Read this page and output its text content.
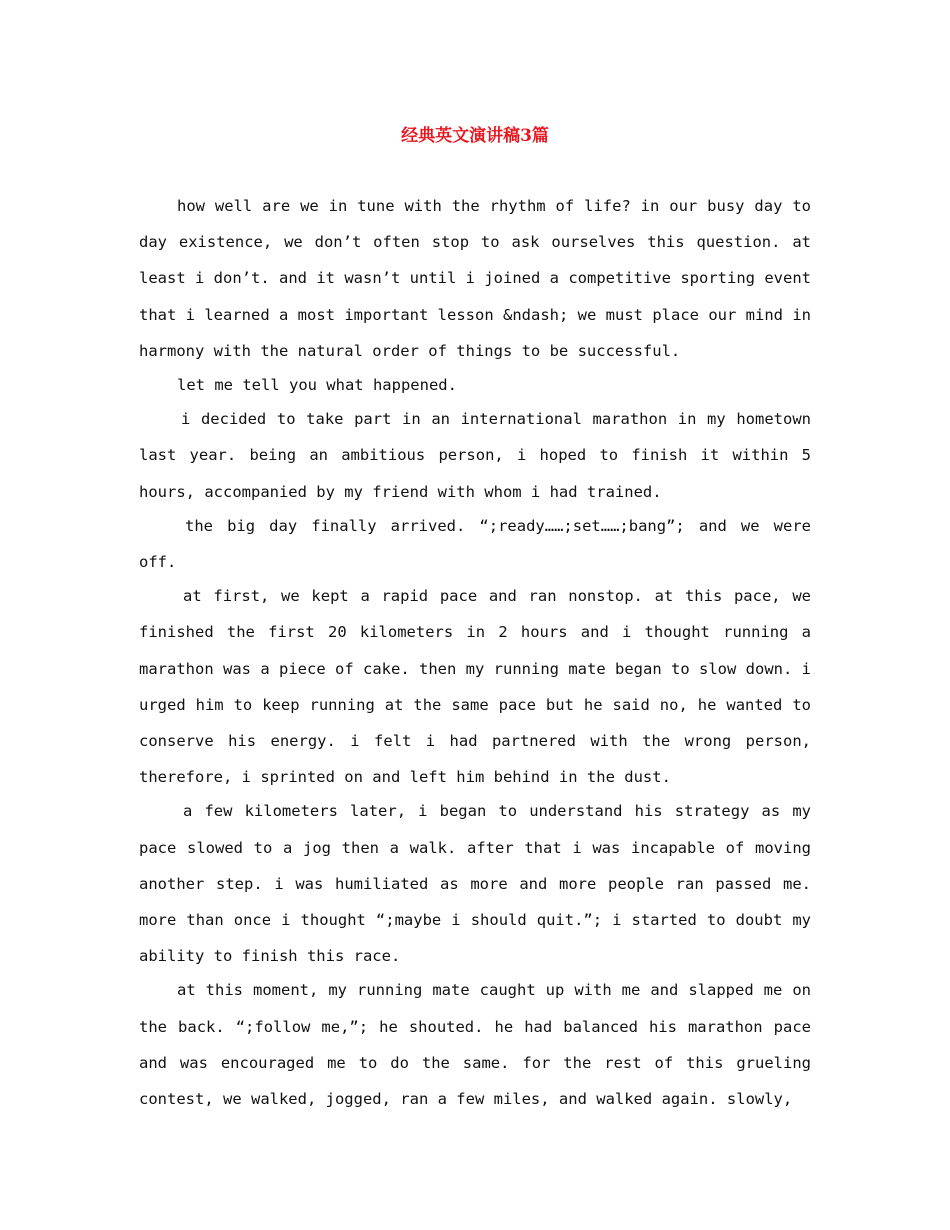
经典英文演讲稿3篇

how well are we in tune with the rhythm of life? in our busy day to day existence, we don’t often stop to ask ourselves this question. at least i don’t. and it wasn’t until i joined a competitive sporting event that i learned a most important lesson &ndash; we must place our mind in harmony with the natural order of things to be successful.

let me tell you what happened.

i decided to take part in an international marathon in my hometown last year. being an ambitious person, i hoped to finish it within 5 hours, accompanied by my friend with whom i had trained.

the big day finally arrived. “;ready……;set……;bang”; and we were off.

at first, we kept a rapid pace and ran nonstop. at this pace, we finished the first 20 kilometers in 2 hours and i thought running a marathon was a piece of cake. then my running mate began to slow down. i urged him to keep running at the same pace but he said no, he wanted to conserve his energy. i felt i had partnered with the wrong person, therefore, i sprinted on and left him behind in the dust.

a few kilometers later, i began to understand his strategy as my pace slowed to a jog then a walk. after that i was incapable of moving another step. i was humiliated as more and more people ran passed me. more than once i thought “;maybe i should quit.”; i started to doubt my ability to finish this race.

at this moment, my running mate caught up with me and slapped me on the back. “;follow me,”; he shouted. he had balanced his marathon pace and was encouraged me to do the same. for the rest of this grueling contest, we walked, jogged, ran a few miles, and walked again. slowly,
